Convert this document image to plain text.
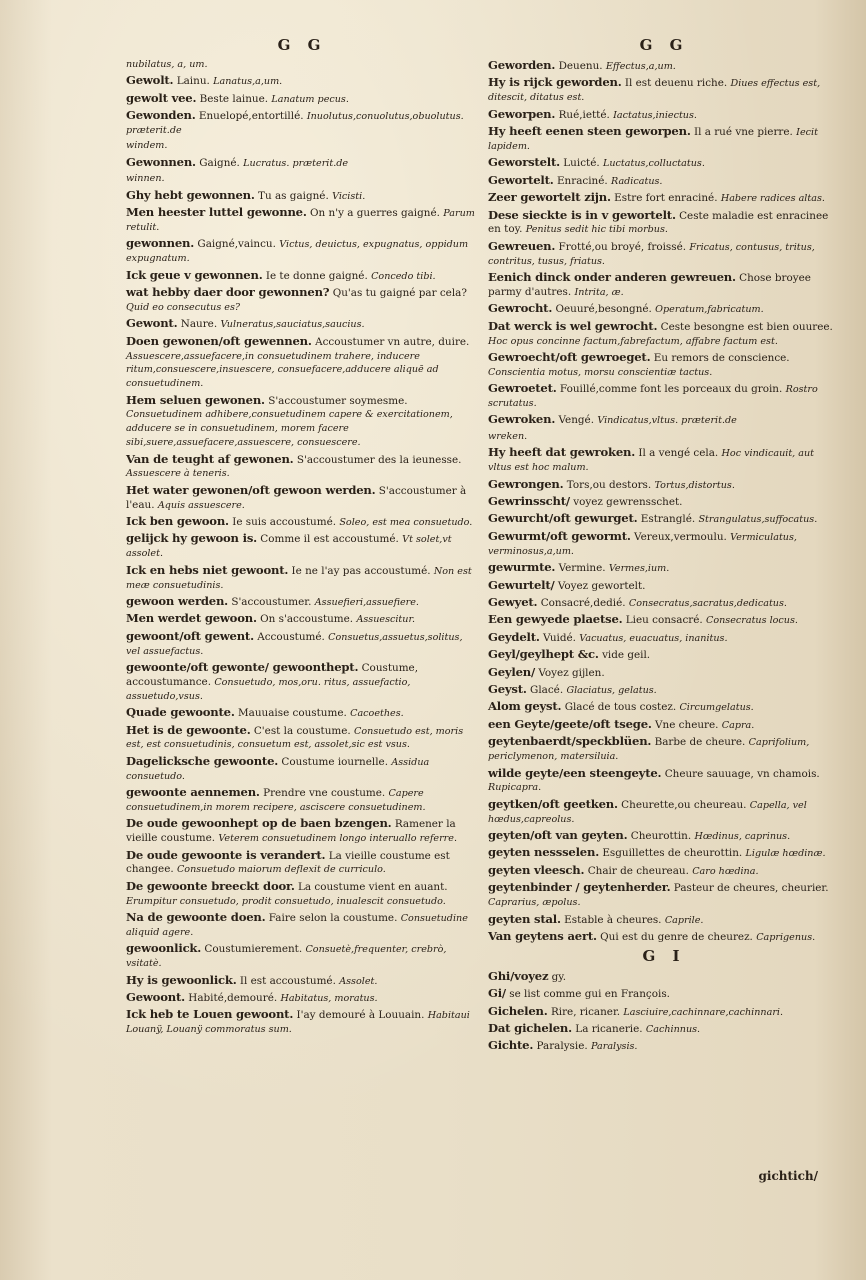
G G
nubilatus, a, um.
Gewolt. Lainu. Lanatus,a,um.
gewolt vee. Beste lainue. Lanatum pecus.
Gewonden. Enuelopé,entortillé. Inuolutus,conuolutus,obuolutus. præterit.de
windem.
Gewonnen. Gaigné. Lucratus. præterit.de
winnen.
Ghy hebt gewonnen. Tu as gaigné. Vicisti.
Men heester luttel gewonne. On n'y a guerres gaigné. Parum retulit.
gewonnen. Gaigné,vaincu. Victus, deuictus, expugnatus, oppidum expugnatum.
Ick geue v gewonnen. Ie te donne gaigné. Concedo tibi.
wat hebby daer door gewonnen? Qu'as tu gaigné par cela? Quid eo consecutus es?
Gewont. Naure. Vulneratus,sauciatus,saucius.
Doen gewonen/oft gewennen. Accoustumer vn autre, duire. Assuescere,assuefacere,in consuetudinem trahere, inducere ritum,consuescere,insuescere, consuefacere,adducere aliquē ad consuetudinem.
Hem seluen gewonen. S'accoustumer soymesme. Consuetudinem adhibere,consuetudinem capere & exercitationem, adducere se in consuetudinem, morem facere sibi,suere,assuefacere,assuescere, consuescere.
Van de teught af gewonen. S'accoustumer des la ieunesse. Assuescere à teneris.
Het water gewonen/oft gewoon werden. S'accoustumer à l'eau. Aquis assuescere.
Ick ben gewoon. Ie suis accoustumé. Soleo, est mea consuetudo.
gelijck hy gewoon is. Comme il est accoustumé. Vt solet,vt assolet.
Ick en hebs niet gewoont. Ie ne l'ay pas accoustumé. Non est meæ consuetudinis.
gewoon werden. S'accoustumer. Assuefieri,assuefiere.
Men werdet gewoon. On s'accoustume. Assuescitur.
gewoont/oft gewent. Accoustumé. Consuetus,assuetus,solitus, vel assuefactus.
gewoonte/oft gewonte/ gewoonthept. Coustume, accoustumance. Consuetudo, mos,oru. ritus, assuefactio, assuetudo,vsus.
Quade gewoonte. Mauuaise coustume. Cacoethes.
Het is de gewoonte. C'est la coustume. Consuetudo est, moris est, est consuetudinis, consuetum est, assolet,sic est vsus.
Dagelicksche gewoonte. Coustume iournelle. Assidua consuetudo.
gewoonte aennemen. Prendre vne coustume. Capere consuetudinem,in morem recipere, asciscere consuetudinem.
De oude gewoonhept op de baen bzengen. Ramener la vieille coustume. Veterem consuetudinem longo interuallo referre.
De oude gewoonte is verandert. La vieille coustume est changee. Consuetudo maiorum deflexit de curriculo.
De gewoonte breeckt door. La coustume vient en auant. Erumpitur consuetudo, prodit consuetudo, inualescit consuetudo.
Na de gewoonte doen. Faire selon la coustume. Consuetudine aliquid agere.
gewoonlick. Coustumierement. Consuetè,frequenter, crebrò, vsitatè.
Hy is gewoonlick. Il est accoustumé. Assolet.
Gewoont. Habité,demouré. Habitatus, moratus.
Ick heb te Louen gewoont. I'ay demouré à Louuain. Habitaui Louanÿ, Louanÿ commoratus sum.
G G
Geworden. Deuenu. Effectus,a,um.
Hy is rijck geworden. Il est deuenu riche. Diues effectus est, ditescit, ditatus est.
Geworpen. Rué,ietté. Iactatus,iniectus.
Hy heeft eenen steen geworpen. Il a rué vne pierre. Iecit lapidem.
Geworstelt. Luicté. Luctatus,colluctatus.
Gewortelt. Enraciné. Radicatus.
Zeer gewortelt zijn. Estre fort enraciné. Habere radices altas.
Dese sieckte is in v gewortelt. Ceste maladie est enracinee en toy. Penitus sedit hic tibi morbus.
Gewreuen. Frotté,ou broyé, froissé. Fricatus, contusus, tritus, contritus, tusus, friatus.
Eenich dinck onder anderen gewreuen. Chose broyee parmy d'autres. Intrita, æ.
Gewrocht. Oeuuré,besongné. Operatum,fabricatum.
Dat werck is wel gewrocht. Ceste besongne est bien ouuree. Hoc opus concinne factum,fabrefactum, affabre factum est.
Gewroecht/oft gewroeget. Eu remors de conscience. Conscientia motus, morsu conscientiæ tactus.
Gewroetet. Fouillé,comme font les porceaux du groin. Rostro scrutatus.
Gewroken. Vengé. Vindicatus,vltus. præterit.de
wreken.
Hy heeft dat gewroken. Il a vengé cela. Hoc vindicauit, aut vltus est hoc malum.
Gewrongen. Tors,ou destors. Tortus,distortus.
Gewrinsscht/ voyez gewrensschet.
Gewurcht/oft gewurget. Estranglé. Strangulatus,suffocatus.
Gewurmt/oft gewormt. Vereux,vermoulu. Vermiculatus, verminosus,a,um.
gewurmte. Vermine. Vermes,ium.
Gewurtelt/ Voyez gewortelt.
Gewyet. Consacré,dedié. Consecratus,sacratus,dedicatus.
Een gewyede plaetse. Lieu consacré. Consecratus locus.
Geydelt. Vuidé. Vacuatus, euacuatus, inanitus.
Geyl/geylhept &c. vide geil.
Geylen/ Voyez gijlen.
Geyst. Glacé. Glaciatus, gelatus.
Alom geyst. Glacé de tous costez. Circumgelatus.
een Geyte/geete/oft tsege. Vne cheure. Capra.
geytenbaerdt/speckblüen. Barbe de cheure. Caprifolium, periclymenon, matersiluia.
wilde geyte/een steengeyte. Cheure sauuage, vn chamois. Rupicapra.
geytken/oft geetken. Cheurette,ou cheureau. Capella, vel hœdus,capreolus.
geyten/oft van geyten. Cheurottin. Hœdinus, caprinus.
geyten nessselen. Esguillettes de cheurottin. Ligulæ hœdinæ.
geyten vleesch. Chair de cheureau. Caro hœdina.
geytenbinder / geytenherder. Pasteur de cheures, cheurier. Caprarius, æpolus.
geyten stal. Estable à cheures. Caprile.
Van geytens aert. Qui est du genre de cheurez. Caprigenus.
G I
Ghi/voyez gy.
Gi/ se list comme gui en François.
Gichelen. Rire, ricaner. Lasciuire,cachinnare,cachinnari.
Dat gichelen. La ricanerie. Cachinnus.
Gichte. Paralysie. Paralysis.
gichtich/
